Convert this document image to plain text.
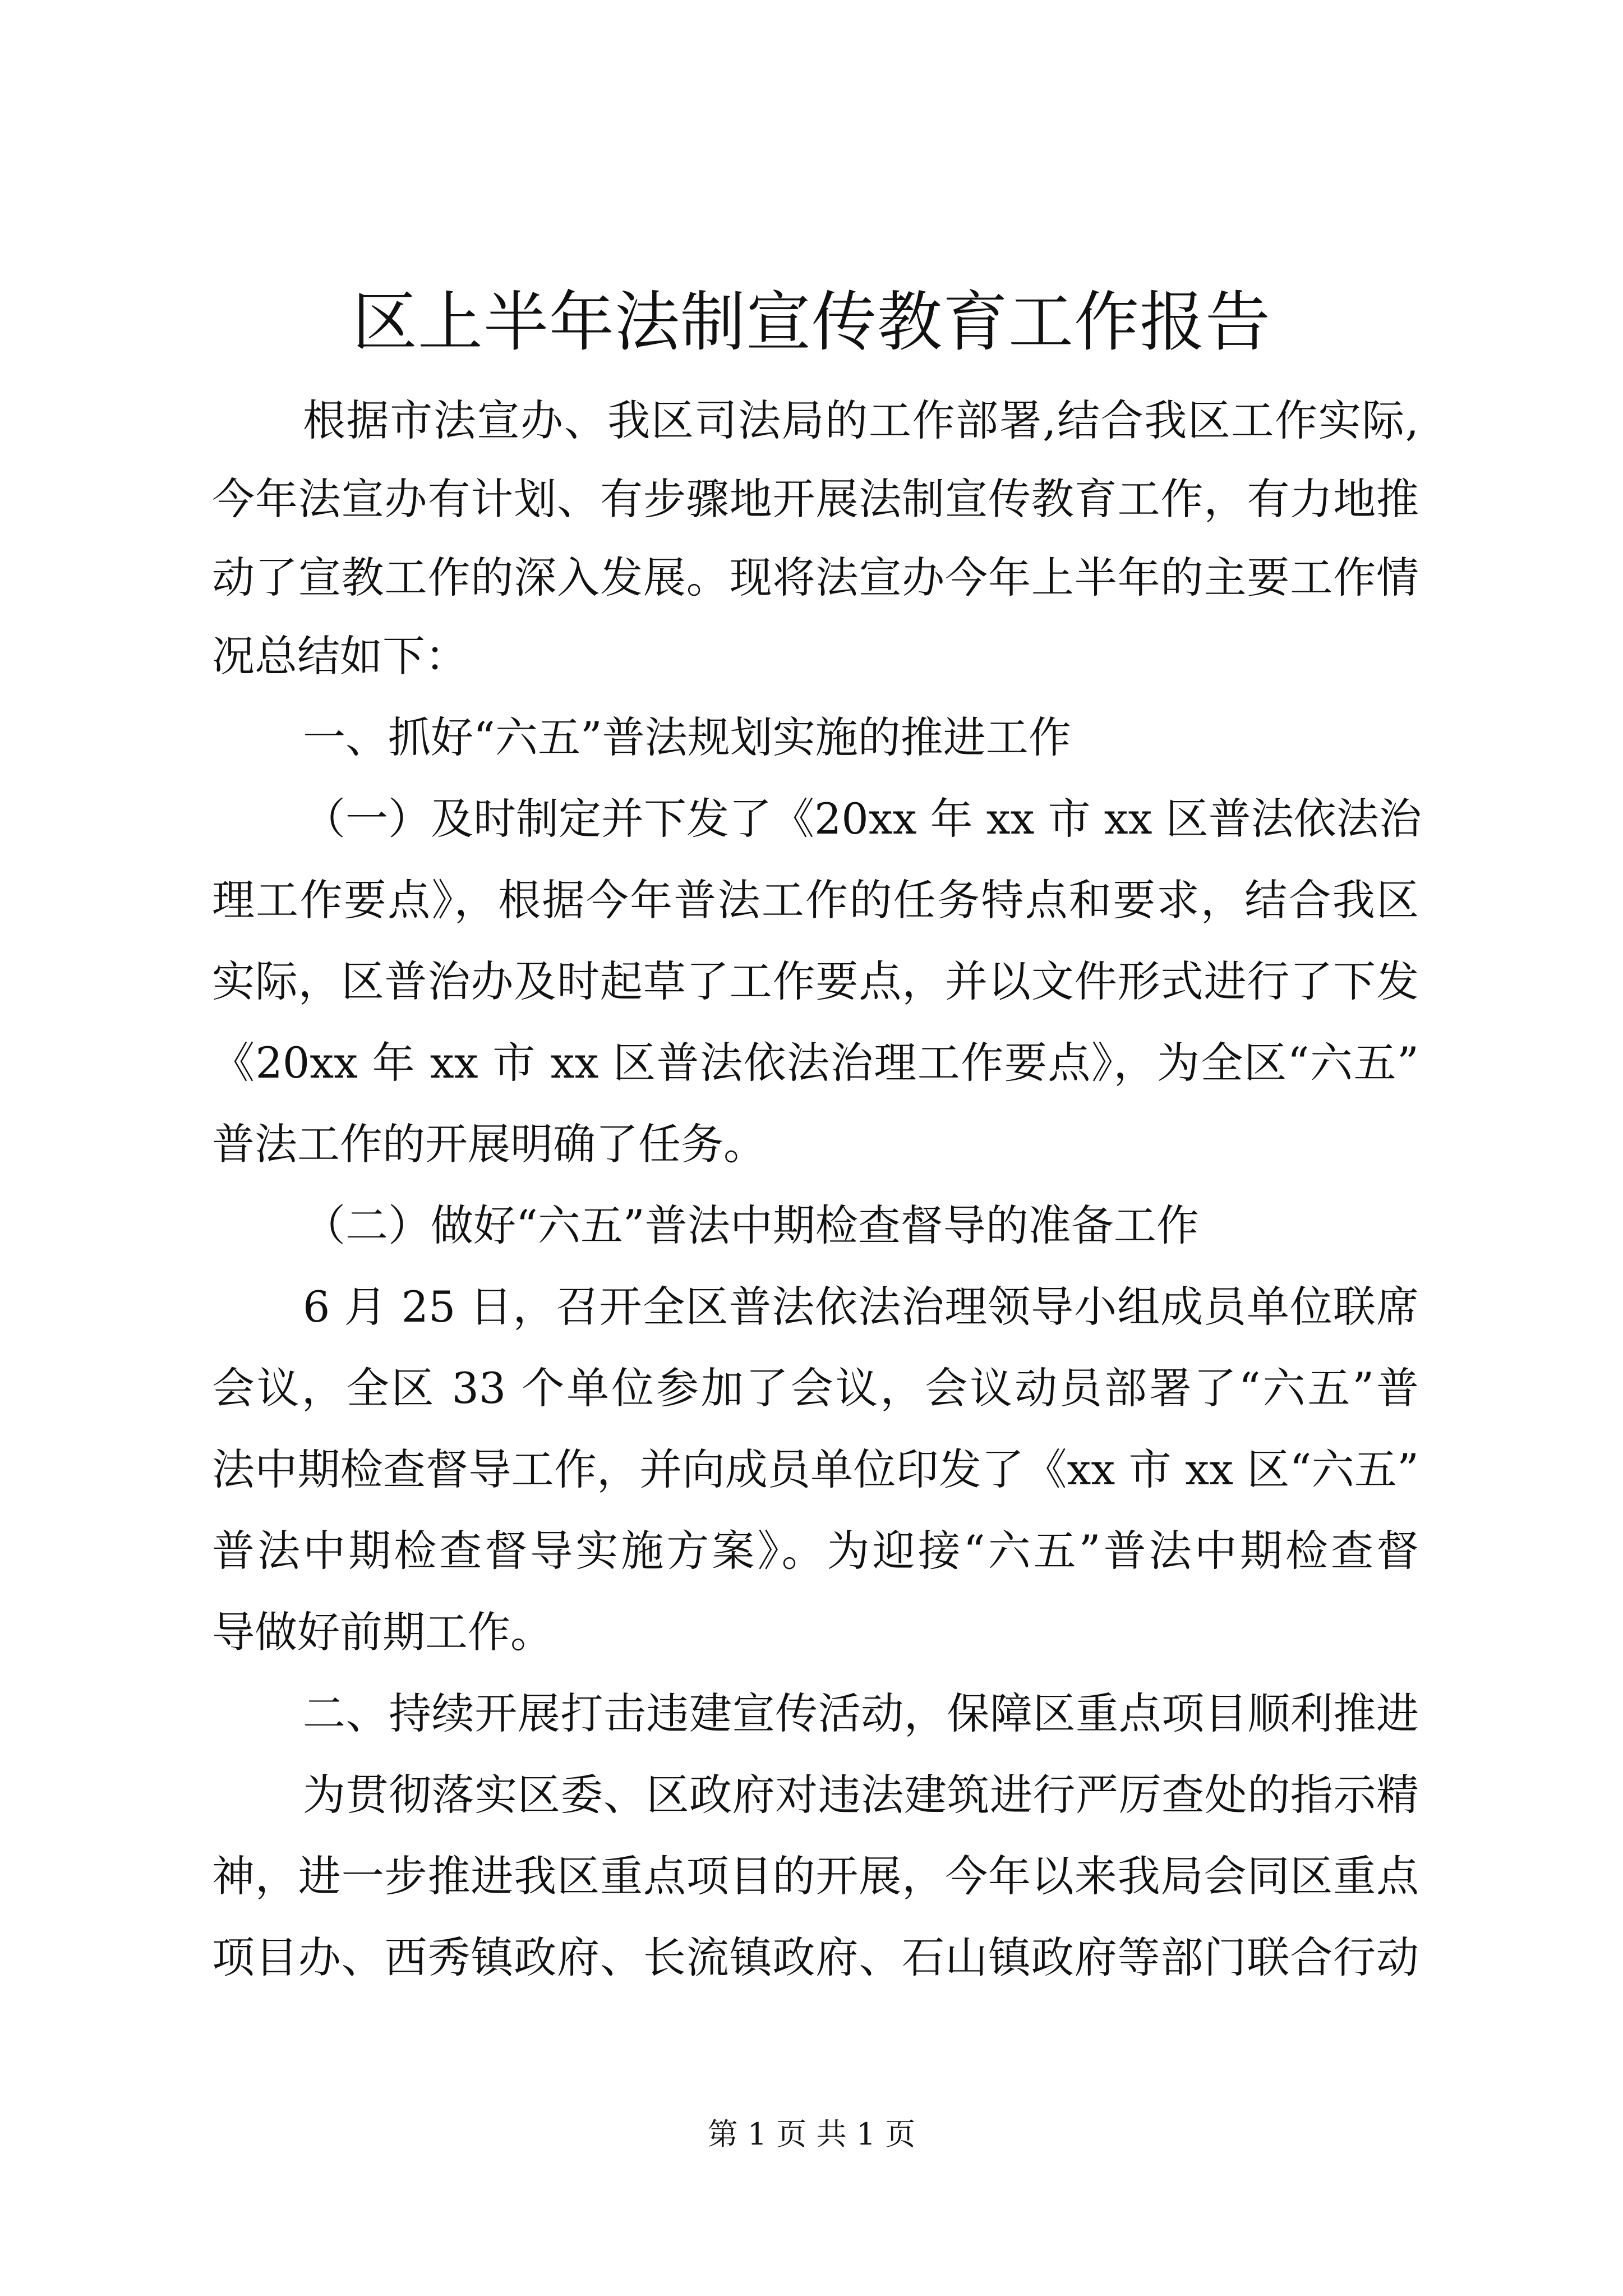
区上半年法制宣传教育工作报告

根据市法宣办、我区司法局的工作部署,结合我区工作实际,

今年法宣办有计划、有步骤地开展法制宣传教育工作，有力地推

动了宣教工作的深入发展。现将法宣办今年上半年的主要工作情

况总结如下：

一、抓好“六五”普法规划实施的推进工作

（一）及时制定并下发了《20xx 年 xx 市 xx 区普法依法治

理工作要点》，根据今年普法工作的任务特点和要求，结合我区

实际，区普治办及时起草了工作要点，并以文件形式进行了下发

《20xx 年 xx 市 xx 区普法依法治理工作要点》，为全区“六五”

普法工作的开展明确了任务。

（二）做好“六五”普法中期检查督导的准备工作

6 月 25 日，召开全区普法依法治理领导小组成员单位联席

会议，全区 33 个单位参加了会议，会议动员部署了“六五”普

法中期检查督导工作，并向成员单位印发了《xx 市 xx 区“六五”

普法中期检查督导实施方案》。为迎接“六五”普法中期检查督

导做好前期工作。

二、持续开展打击违建宣传活动，保障区重点项目顺利推进

为贯彻落实区委、区政府对违法建筑进行严厉查处的指示精

神，进一步推进我区重点项目的开展，今年以来我局会同区重点

项目办、西秀镇政府、长流镇政府、石山镇政府等部门联合行动

第 1 页 共 1 页
